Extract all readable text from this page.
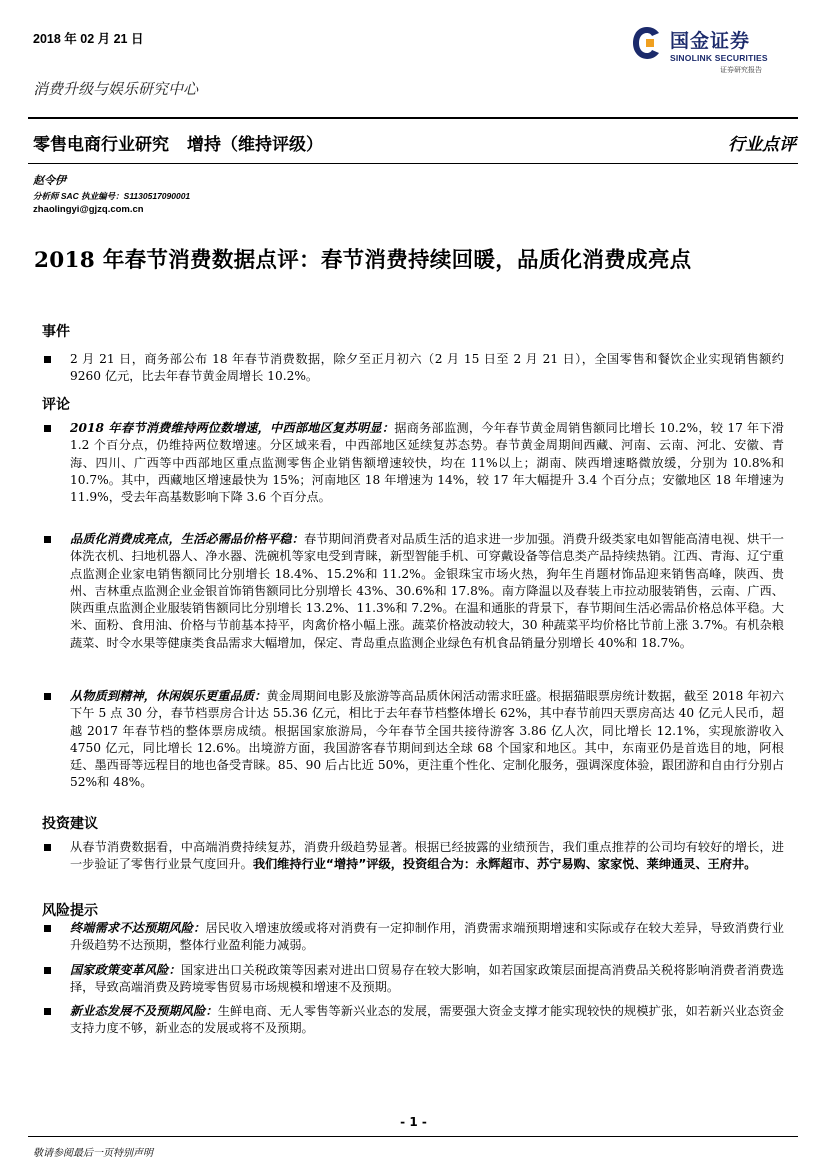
2018 年 02 月 21 日	国金证券
SINOLINK SECURITIES
证券研究报告
消费升级与娱乐研究中心
零售电商行业研究 增持（维持评级）	行业点评
赵令伊
分析师 SAC 执业编号：S1130517090001
zhaolingyi@gjzq.com.cn
2018 年春节消费数据点评：春节消费持续回暖，品质化消费成亮点
事件
2 月 21 日，商务部公布 18 年春节消费数据，除夕至正月初六（2 月 15 日至 2 月 21 日），全国零售和餐饮企业实现销售额约 9260 亿元，比去年春节黄金周增长 10.2%。
评论
2018 年春节消费维持两位数增速，中西部地区复苏明显：据商务部监测，今年春节黄金周销售额同比增长 10.2%，较 17 年下滑 1.2 个百分点，仍维持两位数增速。分区域来看，中西部地区延续复苏态势。春节黄金周期间西藏、河南、云南、河北、安徽、青海、四川、广西等中西部地区重点监测零售企业销售额增速较快，均在 11%以上；湖南、陕西增速略微放缓，分别为 10.8%和 10.7%。其中，西藏地区增速最快为 15%；河南地区 18 年增速为 14%，较 17 年大幅提升 3.4 个百分点；安徽地区 18 年增速为 11.9%，受去年高基数影响下降 3.6 个百分点。
品质化消费成亮点，生活必需品价格平稳：春节期间消费者对品质生活的追求进一步加强。消费升级类家电如智能高清电视、烘干一体洗衣机、扫地机器人、净水器、洗碗机等家电受到青睐，新型智能手机、可穿戴设备等信息类产品持续热销。江西、青海、辽宁重点监测企业家电销售额同比分别增长 18.4%、15.2%和 11.2%。金银珠宝市场火热，狗年生肖题材饰品迎来销售高峰，陕西、贵州、吉林重点监测企业金银首饰销售额同比分别增长 43%、30.6%和 17.8%。南方降温以及春装上市拉动服装销售，云南、广西、陕西重点监测企业服装销售额同比分别增长 13.2%、11.3%和 7.2%。在温和通胀的背景下，春节期间生活必需品价格总体平稳。大米、面粉、食用油、价格与节前基本持平，肉禽价格小幅上涨。蔬菜价格波动较大，30 种蔬菜平均价格比节前上涨 3.7%。有机杂粮蔬菜、时令水果等健康类食品需求大幅增加，保定、青岛重点监测企业绿色有机食品销量分别增长 40%和 18.7%。
从物质到精神，休闲娱乐更重品质：黄金周期间电影及旅游等高品质休闲活动需求旺盛。根据猫眼票房统计数据，截至 2018 年初六下午 5 点 30 分，春节档票房合计达 55.36 亿元，相比于去年春节档整体增长 62%，其中春节前四天票房高达 40 亿元人民币，超越 2017 年春节档的整体票房成绩。根据国家旅游局，今年春节全国共接待游客 3.86 亿人次，同比增长 12.1%，实现旅游收入 4750 亿元，同比增长 12.6%。出境游方面，我国游客春节期间到达全球 68 个国家和地区。其中，东南亚仍是首选目的地，阿根廷、墨西哥等远程目的地也备受青睐。85、90 后占比近 50%，更注重个性化、定制化服务，强调深度体验，跟团游和自由行分别占 52%和 48%。
投资建议
从春节消费数据看，中高端消费持续复苏，消费升级趋势显著。根据已经披露的业绩预告，我们重点推荐的公司均有较好的增长，进一步验证了零售行业景气度回升。我们维持行业“增持”评级，投资组合为：永辉超市、苏宁易购、家家悦、莱绅通灵、王府井。
风险提示
终端需求不达预期风险：居民收入增速放缓或将对消费有一定抑制作用，消费需求端预期增速和实际或存在较大差异，导致消费行业升级趋势不达预期，整体行业盈利能力减弱。
国家政策变革风险：国家进出口关税政策等因素对进出口贸易存在较大影响，如若国家政策层面提高消费品关税将影响消费者消费选择，导致高端消费及跨境零售贸易市场规模和增速不及预期。
新业态发展不及预期风险：生鲜电商、无人零售等新兴业态的发展，需要强大资金支撑才能实现较快的规模扩张，如若新兴业态资金支持力度不够，新业态的发展或将不及预期。
- 1 -
敬请参阅最后一页特别声明
